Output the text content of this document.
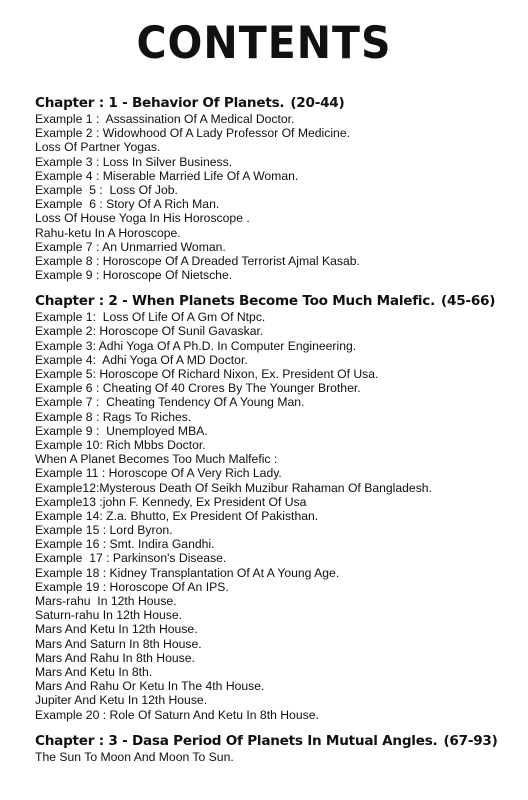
CONTENTS
Chapter : 1 - Behavior Of Planets. (20-44)
Example 1 :  Assassination Of A Medical Doctor.
Example 2 : Widowhood Of A Lady Professor Of Medicine.
Loss Of Partner Yogas.
Example 3 : Loss In Silver Business.
Example 4 : Miserable Married Life Of A Woman.
Example  5 :  Loss Of Job.
Example  6 : Story Of A Rich Man.
Loss Of House Yoga In His Horoscope .
Rahu-ketu In A Horoscope.
Example 7 : An Unmarried Woman.
Example 8 : Horoscope Of A Dreaded Terrorist Ajmal Kasab.
Example 9 : Horoscope Of Nietsche.
Chapter : 2 - When Planets Become Too Much Malefic. (45-66)
Example 1:  Loss Of Life Of A Gm Of Ntpc.
Example 2: Horoscope Of Sunil Gavaskar.
Example 3: Adhi Yoga Of A Ph.D. In Computer Engineering.
Example 4:  Adhi Yoga Of A MD Doctor.
Example 5: Horoscope Of Richard Nixon, Ex. President Of Usa.
Example 6 : Cheating Of 40 Crores By The Younger Brother.
Example 7 :  Cheating Tendency Of A Young Man.
Example 8 : Rags To Riches.
Example 9 :  Unemployed MBA.
Example 10: Rich Mbbs Doctor.
When A Planet Becomes Too Much Malfefic :
Example 11 : Horoscope Of A Very Rich Lady.
Example12:Mysterous Death Of Seikh Muzibur Rahaman Of Bangladesh.
Example13 :john F. Kennedy, Ex President Of Usa
Example 14: Z.a. Bhutto, Ex President Of Pakisthan.
Example 15 : Lord Byron.
Example 16 : Smt. Indira Gandhi.
Example  17 : Parkinson's Disease.
Example 18 : Kidney Transplantation Of At A Young Age.
Example 19 : Horoscope Of An IPS.
Mars-rahu  In 12th House.
Saturn-rahu In 12th House.
Mars And Ketu In 12th House.
Mars And Saturn In 8th House.
Mars And Rahu In 8th House.
Mars And Ketu In 8th.
Mars And Rahu Or Ketu In The 4th House.
Jupiter And Ketu In 12th House.
Example 20 : Role Of Saturn And Ketu In 8th House.
Chapter : 3 - Dasa Period Of Planets In Mutual Angles. (67-93)
The Sun To Moon And Moon To Sun.
